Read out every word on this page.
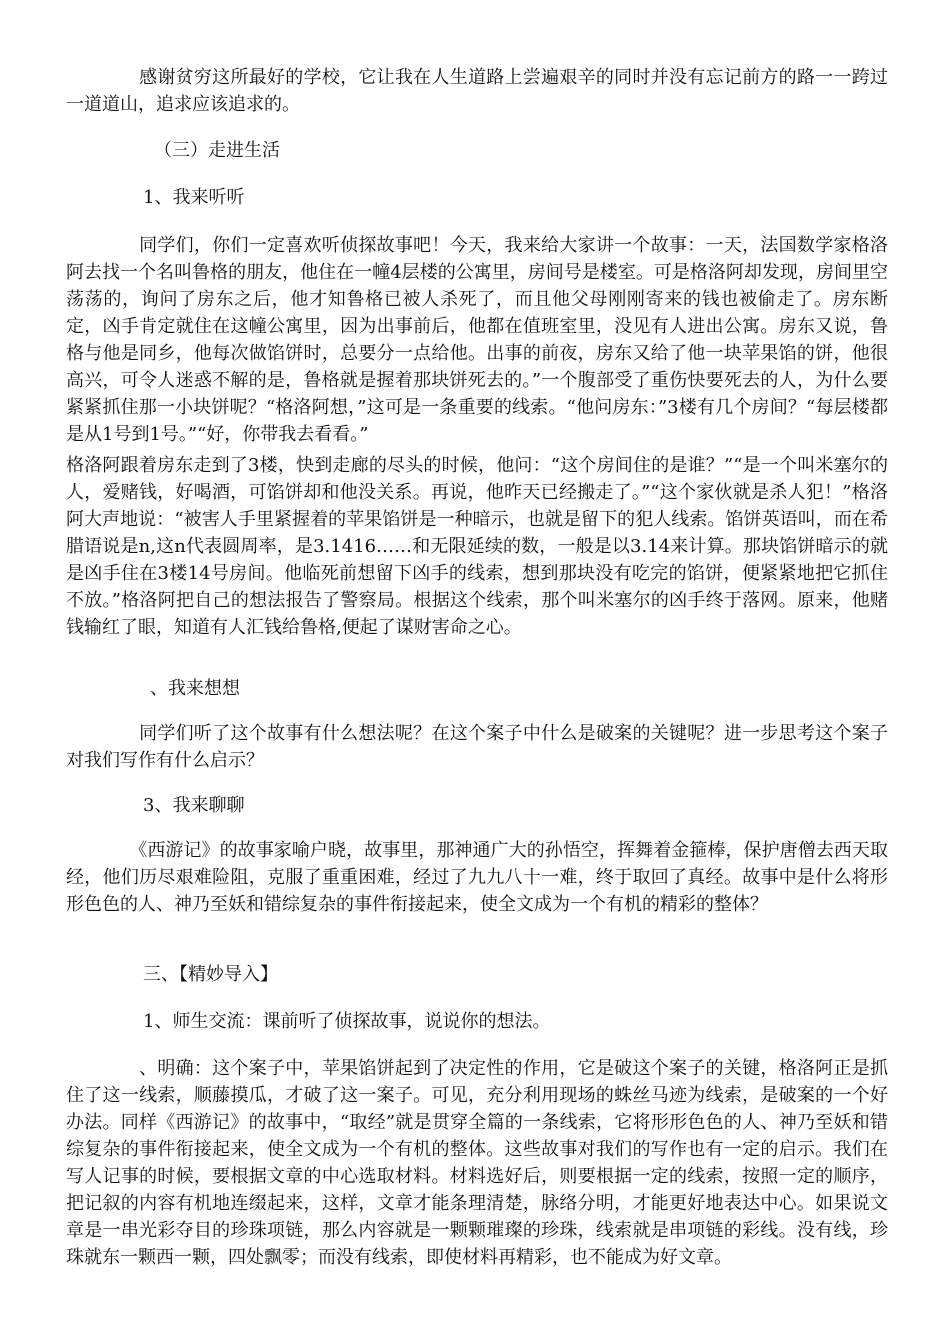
　　　　感谢贫穷这所最好的学校，它让我在人生道路上尝遍艰辛的同时并没有忘记前方的路一一跨过一道道山，追求应该追求的。

（三）走进生活

1、我来听听

　　　　同学们，你们一定喜欢听侦探故事吧！今天，我来给大家讲一个故事：一天，法国数学家格洛阿去找一个名叫鲁格的朋友，他住在一幢4层楼的公寓里，房间号是楼室。可是格洛阿却发现，房间里空荡荡的，询问了房东之后，他才知鲁格已被人杀死了，而且他父母刚刚寄来的钱也被偷走了。房东断定，凶手肯定就住在这幢公寓里，因为出事前后，他都在值班室里，没见有人进出公寓。房东又说，鲁格与他是同乡，他每次做馅饼时，总要分一点给他。出事的前夜，房东又给了他一块苹果馅的饼，他很高兴，可令人迷惑不解的是，鲁格就是握着那块饼死去的。”一个腹部受了重伤快要死去的人，为什么要紧紧抓住那一小块饼呢？“格洛阿想，”这可是一条重要的线索。“他问房东：”3楼有几个房间？“每层楼都是从1号到1号。”“好，你带我去看看。”

格洛阿跟着房东走到了3楼，快到走廊的尽头的时候，他问：“这个房间住的是谁？”“是一个叫米塞尔的人，爱赌钱，好喝酒，可馅饼却和他没关系。再说，他昨天已经搬走了。”“这个家伙就是杀人犯！”格洛阿大声地说：“被害人手里紧握着的苹果馅饼是一种暗示，也就是留下的犯人线索。馅饼英语叫，而在希腊语说是n,这n代表圆周率，是3.1416……和无限延续的数，一般是以3.14来计算。那块馅饼暗示的就是凶手住在3楼14号房间。他临死前想留下凶手的线索，想到那块没有吃完的馅饼，便紧紧地把它抓住不放。”格洛阿把自己的想法报告了警察局。根据这个线索，那个叫米塞尔的凶手终于落网。原来，他赌钱输红了眼，知道有人汇钱给鲁格,便起了谋财害命之心。

、我来想想

　　　　同学们听了这个故事有什么想法呢？在这个案子中什么是破案的关键呢？进一步思考这个案子对我们写作有什么启示？

3、我来聊聊

　　　　《西游记》的故事家喻户晓，故事里，那神通广大的孙悟空，挥舞着金箍棒，保护唐僧去西天取经，他们历尽艰难险阻，克服了重重困难，经过了九九八十一难，终于取回了真经。故事中是什么将形形色色的人、神乃至妖和错综复杂的事件衔接起来，使全文成为一个有机的精彩的整体？

三、【精妙导入】

1、师生交流：课前听了侦探故事，说说你的想法。

　　　　、明确：这个案子中，苹果馅饼起到了决定性的作用，它是破这个案子的关键，格洛阿正是抓住了这一线索，顺藤摸瓜，才破了这一案子。可见，充分利用现场的蛛丝马迹为线索，是破案的一个好办法。同样《西游记》的故事中，“取经”就是贯穿全篇的一条线索，它将形形色色的人、神乃至妖和错综复杂的事件衔接起来，使全文成为一个有机的整体。这些故事对我们的写作也有一定的启示。我们在写人记事的时候，要根据文章的中心选取材料。材料选好后，则要根据一定的线索，按照一定的顺序，把记叙的内容有机地连缀起来，这样，文章才能条理清楚，脉络分明，才能更好地表达中心。如果说文章是一串光彩夺目的珍珠项链，那么内容就是一颗颗璀璨的珍珠，线索就是串项链的彩线。没有线，珍珠就东一颗西一颗，四处飘零；而没有线索，即使材料再精彩，也不能成为好文章。
